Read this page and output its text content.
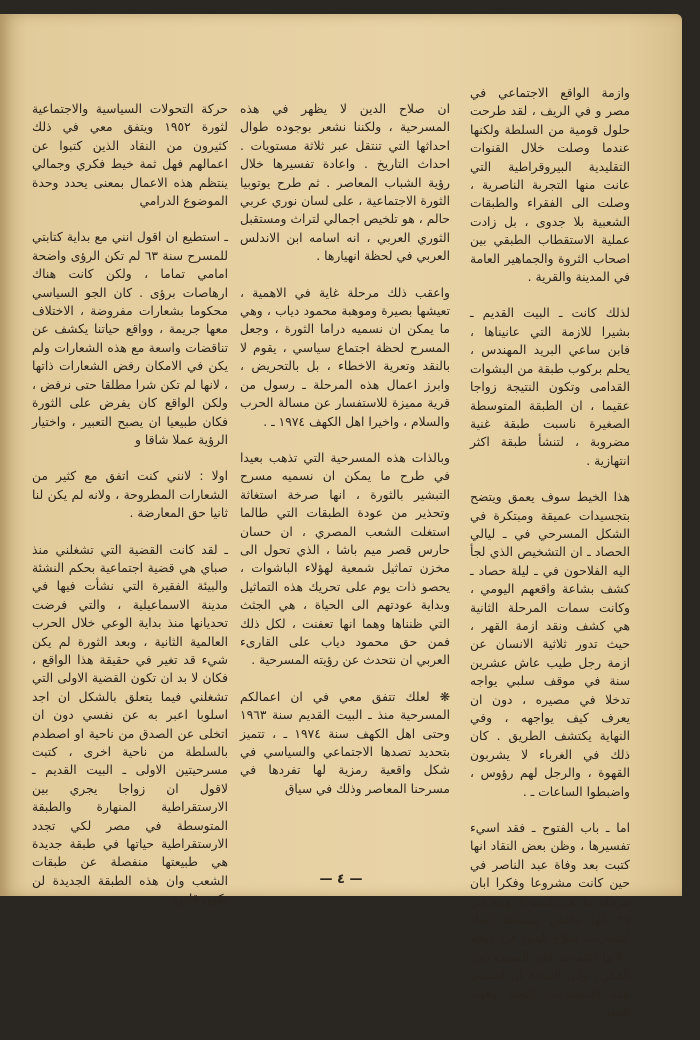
وازمة الواقع الاجتماعي في مصر و في الريف ، لقد طرحت حلول قومية من السلطة ولكنها عندما وصلت خلال القنوات التقليدية البيروقراطية التي عانت منها التجربة الناصرية ، وصلت الى الفقراء والطبقات الشعبية بلا جدوى ، بل زادت عملية الاستقطاب الطبقي بين اصحاب الثروة والجماهير العامة في المدينة والقرية .

لذلك كانت ـ البيت القديم ـ بشيرا للازمة التي عانيناها ، فابن ساعي البريد المهندس ، يحلم بركوب طبقة من البشوات القدامى وتكون النتيجة زواجا عقيما ، ان الطبقة المتوسطة الصغيرة ناسبت طبقة غنية مضروبة ، لتنشأ طبقة اكثر انتهازية .

هذا الخيط سوف يعمق ويتضح بتجسيدات عميقة ومبتكرة في الشكل المسرحي في ـ ليالي الحصاد ـ ان التشخيص الذي لجأ اليه الفلاحون في ـ ليلة حصاد ـ كشف بشاعة واقعهم اليومي ، وكانت سمات المرحلة الثانية هي كشف ونقد ازمة القهر ، حيث تدور ثلاثية الانسان عن ازمة رجل طيب عاش عشرين سنة في موقف سلبي يواجه تدخلا في مصيره ، دون ان يعرف كيف يواجهه ، وفي النهاية يكتشف الطريق . كان ذلك في الغرباء لا يشربون القهوة ، والرجل لهم رؤوس ، واضبطوا الساعات ـ .

اما ـ باب الفتوح ـ فقد اسيء تفسيرها ، وظن بعض النقاد انها كتبت بعد وفاة عبد الناصر في حين كانت مشروعا وفكرا ابان مرحلة ما بعد نكسة ٥ يونيه في ٦٧ انها تناقض ببساطة ابعاد انتصارات صلاح الدين في حياته ، لانها اعتمدت على السيف دون الفكر ، ولان النتيجة ان استثمر هذه الانتصارات التجار وقواد الجند .

ان صلاح الدين لا يظهر في هذه المسرحية ، ولكننا نشعر بوجوده طوال احداثها التي تنتقل عبر ثلاثة مستويات . احداث التاريخ . واعادة تفسيرها خلال رؤية الشباب المعاصر . ثم طرح يوتوبيا الثورة الاجتماعية ، على لسان نوري عربي حالم ، هو تلخيص اجمالي لتراث ومستقبل الثوري العربي ، انه اسامه ابن الاندلس العربي في لحظة انهيارها .

واعقب ذلك مرحلة غاية في الاهمية ، تعيشها بصيرة وموهبة محمود دياب ، وهي ما يمكن ان نسميه دراما الثورة ، وجعل المسرح لحظة اجتماع سياسي ، يقوم لا بالنقد وتعرية الاخطاء ، بل بالتحريض ، وابرز اعمال هذه المرحلة ـ رسول من قرية مميزة للاستفسار عن مسالة الحرب والسلام ، واخيرا اهل الكهف ١٩٧٤ ـ .

وبالذات هذه المسرحية التي تذهب بعيدا في طرح ما يمكن ان نسميه مسرح التبشير بالثورة ، انها صرخة استغاثة وتحذير من عودة الطبقات التي طالما استغلت الشعب المصري ، ان حسان حارس قصر ميم باشا ، الذي تحول الى مخزن تماثيل شمعية لهؤلاء الباشوات ، يحصو ذات يوم على تحريك هذه التماثيل وبداية عودتهم الى الحياة ، هي الجثث التي ظنناها وهما انها تعفنت ، لكل ذلك فمن حق محمود دياب على القارىء العربي ان نتحدث عن رؤيته المسرحية .

❋ لعلك تتفق معي في ان اعمالكم المسرحية منذ ـ البيت القديم سنة ١٩٦٣ وحتى اهل الكهف سنة ١٩٧٤ ـ ، تتميز بتحديد تصدها الاجتماعي والسياسي في شكل واقعية رمزية لها تفردها في مسرحنا المعاصر وذلك في سياق

حركة التحولات السياسية والاجتماعية لثورة ١٩٥٢ ويتفق معي في ذلك كثيرون من النقاد الذين كتبوا عن اعمالهم فهل ثمة خيط فكري وجمالي ينتظم هذه الاعمال بمعنى يحدد وحدة الموضوع الدرامي

ـ استطيع ان اقول انني مع بداية كتابتي للمسرح سنة ٦٣ لم تكن الرؤى واضحة امامي تماما ، ولكن كانت هناك ارهاصات برؤى . كان الجو السياسي محكوما بشعارات مفروضة ، الاختلاف معها جريمة ، وواقع حياتنا يكشف عن تناقضات واسعة مع هذه الشعارات ولم يكن في الامكان رفض الشعارات ذاتها ، لانها لم تكن شرا مطلقا حتى نرفض ، ولكن الواقع كان يفرض على الثورة فكان طبيعيا ان يصبح التعبير ، واختيار الرؤية عملا شاقا و

اولا : لانني كنت اتفق مع كثير من الشعارات المطروحة ، ولانه لم يكن لنا ثانيا حق المعارضة .

ـ لقد كانت القضية التي تشغلني منذ صباي هي قضية اجتماعية بحكم النشئة والبيئة الفقيرة التي نشأت فيها في مدينة الاسماعيلية ، والتي فرضت تحديانها منذ بداية الوعي خلال الحرب العالمية الثانية ، وبعد الثورة لم يكن شيء قد تغير في حقيقة هذا الواقع ، فكان لا بد ان تكون القضية الاولى التي تشغلني فيما يتعلق بالشكل ان اجد اسلوبا اعبر به عن نفسي دون ان اتخلى عن الصدق من ناحية او اصطدم بالسلطة من ناحية اخرى ، كتبت مسرحيتين الاولى ـ البيت القديم ـ لاقول ان زواجا يجري بين الارستقراطية المنهارة والطبقة المتوسطة في مصر لكي تجدد الارستقراطية حياتها في طبقة جديدة هي طبيعتها منفصلة عن طبقات الشعب وان هذه الطبقة الجديدة لن تكون قادرة

— ٤ —
